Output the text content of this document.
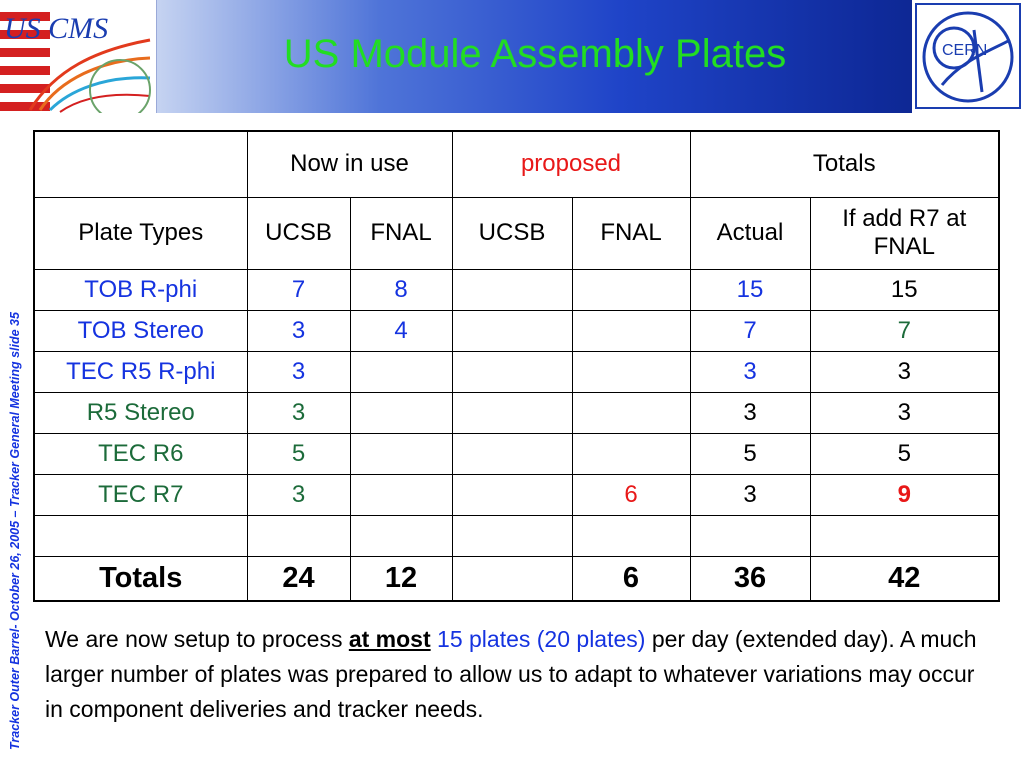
US CMS
CERN
US Module Assembly Plates
Tracker Outer Barrel- October 26, 2005 – Tracker General Meeting slide 35
	Now in use		proposed		Totals	
Plate Types	UCSB	FNAL	UCSB	FNAL	Actual	If add R7 at FNAL
TOB R-phi	7	8			15	15
TOB Stereo	3	4			7	7
TEC R5 R-phi	3				3	3
R5 Stereo	3				3	3
TEC R6	5				5	5
TEC R7	3			6	3	9

Totals	24	12		6	36	42
We are now setup to process at most 15 plates (20 plates) per day (extended day). A much larger number of plates was prepared to allow us to adapt to whatever variations may occur in component deliveries and tracker needs.
